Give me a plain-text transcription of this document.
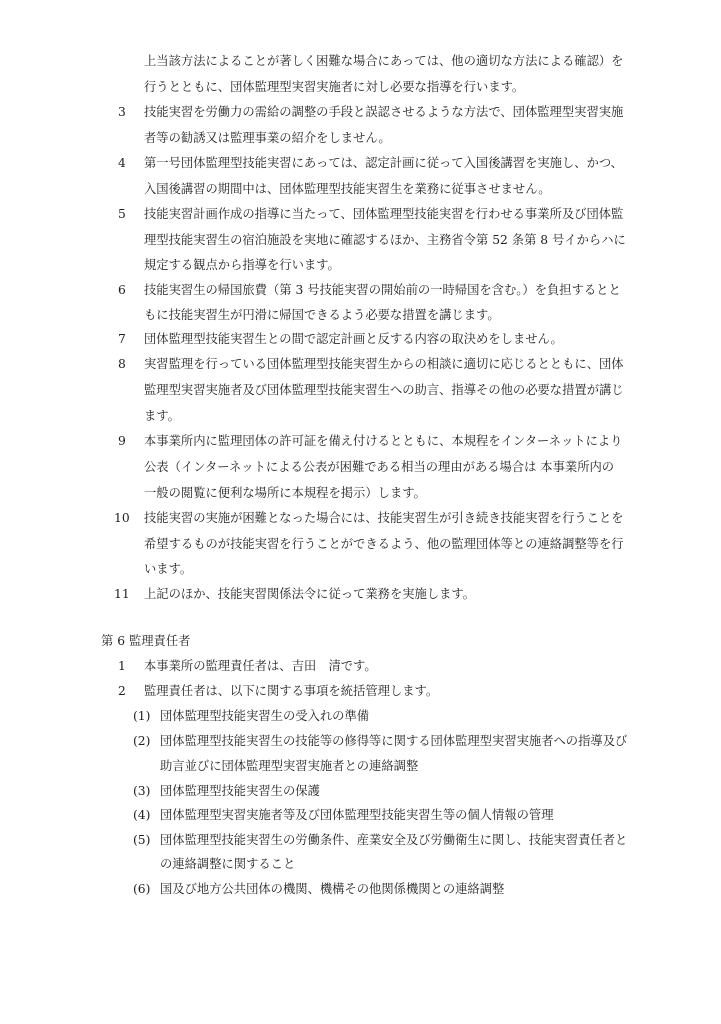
上当該方法によることが著しく困難な場合にあっては、他の適切な方法による確認）を
行うとともに、団体監理型実習実施者に対し必要な指導を行います。
3 技能実習を労働力の需給の調整の手段と誤認させるような方法で、団体監理型実習実施
者等の勧誘又は監理事業の紹介をしません。
4 第一号団体監理型技能実習にあっては、認定計画に従って入国後講習を実施し、かつ、
入国後講習の期間中は、団体監理型技能実習生を業務に従事させません。
5 技能実習計画作成の指導に当たって、団体監理型技能実習を行わせる事業所及び団体監
理型技能実習生の宿泊施設を実地に確認するほか、主務省令第 52 条第 8 号イからハに
規定する観点から指導を行います。
6 技能実習生の帰国旅費（第 3 号技能実習の開始前の一時帰国を含む。）を負担するとと
もに技能実習生が円滑に帰国できるよう必要な措置を講じます。
7 団体監理型技能実習生との間で認定計画と反する内容の取決めをしません。
8 実習監理を行っている団体監理型技能実習生からの相談に適切に応じるとともに、団体
監理型実習実施者及び団体監理型技能実習生への助言、指導その他の必要な措置が講じ
ます。
9 本事業所内に監理団体の許可証を備え付けるとともに、本規程をインターネットにより
公表（インターネットによる公表が困難である相当の理由がある場合は 本事業所内の
一般の閲覧に便利な場所に本規程を掲示）します。
10 技能実習の実施が困難となった場合には、技能実習生が引き続き技能実習を行うことを
希望するものが技能実習を行うことができるよう、他の監理団体等との連絡調整等を行
います。
11 上記のほか、技能実習関係法令に従って業務を実施します。
第 6 監理責任者
1 本事業所の監理責任者は、吉田　清です。
2 監理責任者は、以下に関する事項を統括管理します。
(1) 団体監理型技能実習生の受入れの準備
(2) 団体監理型技能実習生の技能等の修得等に関する団体監理型実習実施者への指導及び
助言並びに団体監理型実習実施者との連絡調整
(3) 団体監理型技能実習生の保護
(4) 団体監理型実習実施者等及び団体監理型技能実習生等の個人情報の管理
(5) 団体監理型技能実習生の労働条件、産業安全及び労働衛生に関し、技能実習責任者と
の連絡調整に関すること
(6) 国及び地方公共団体の機関、機構その他関係機関との連絡調整
